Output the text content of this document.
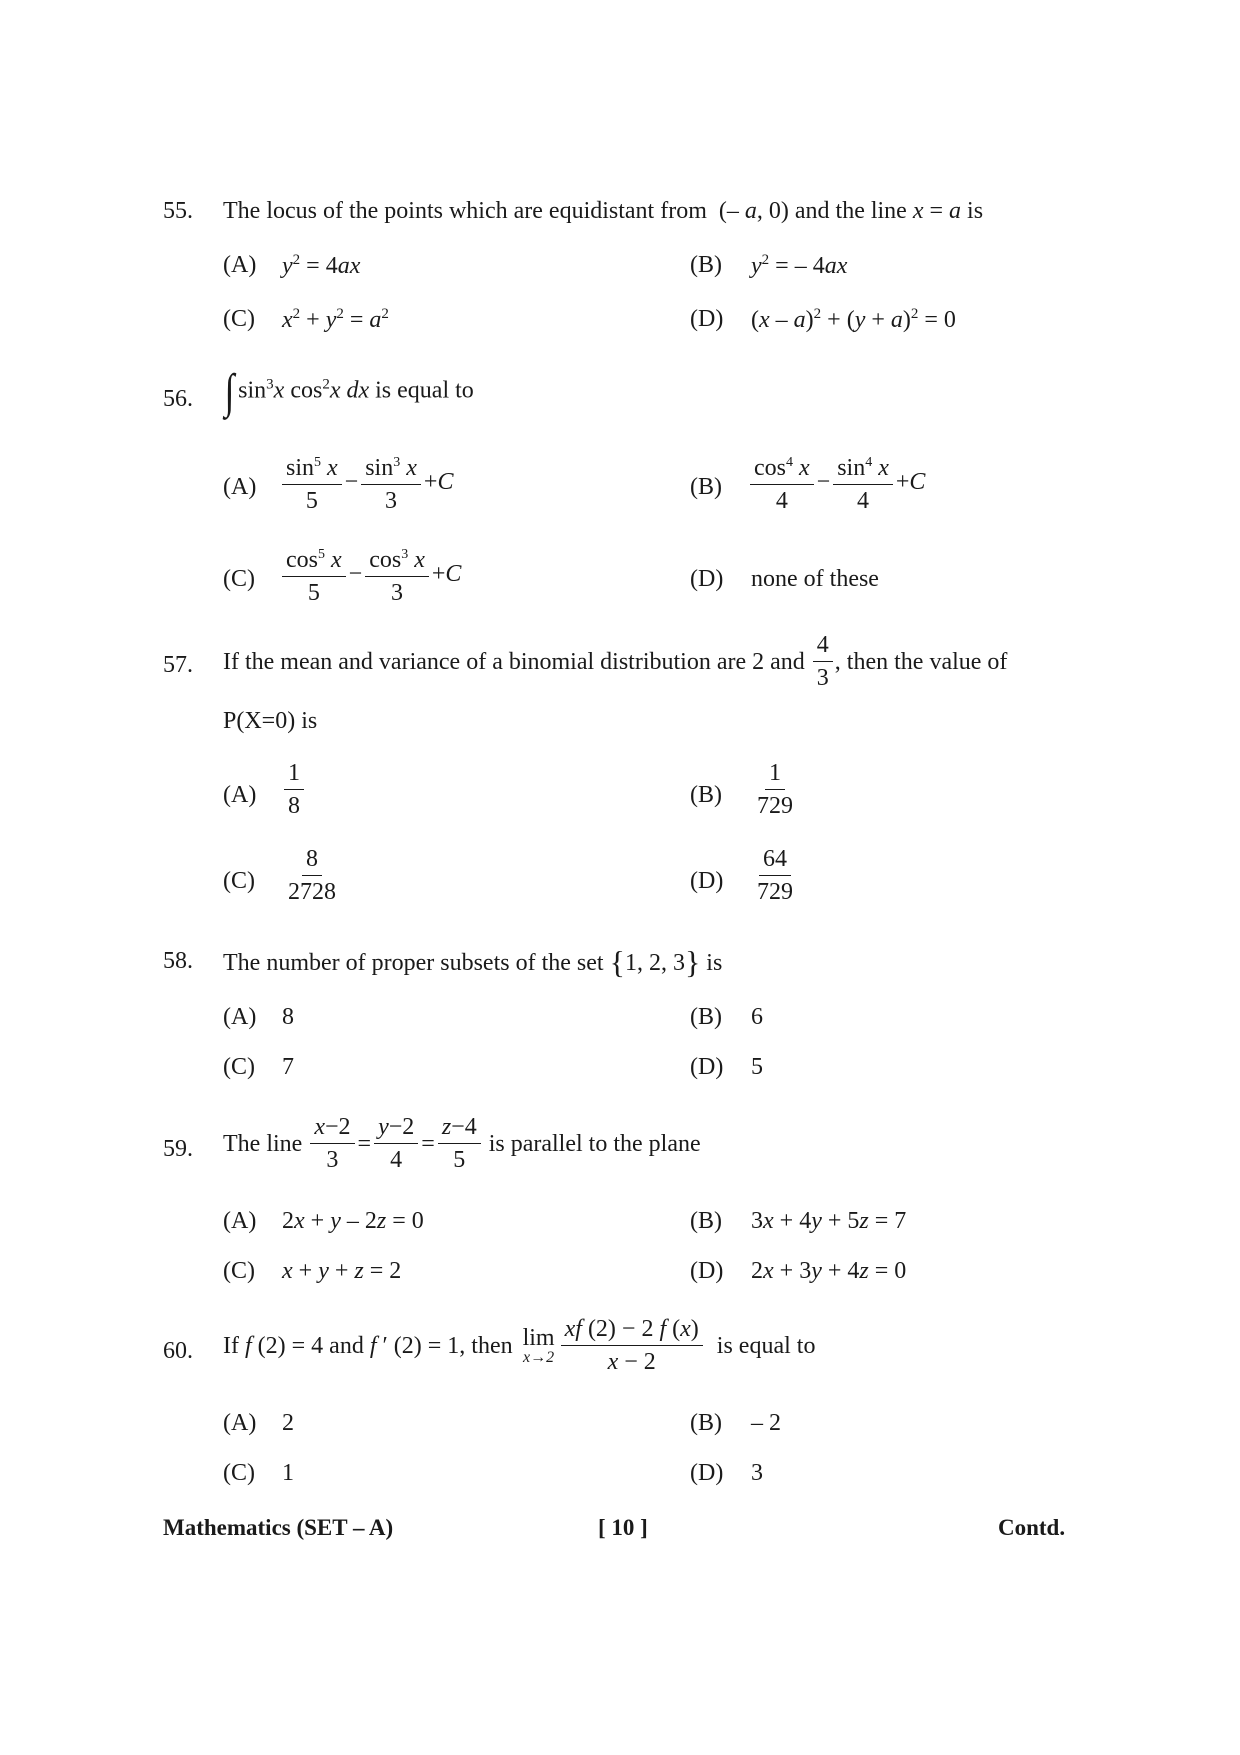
55. The locus of the points which are equidistant from  (– a, 0) and the line x = a is
(A)	$y^2 = 4ax$	(B)	$y^2$ = – 4ax
(C)	$x^2 + y^2 = a^2$	(D)	$(x - a)^2 + (y + a)^2 = 0$
56. ∫ $\sin^3x$ $\cos^2x$ dx is equal to
(A)	$\frac{\sin^5 x}{5} - \frac{\sin^3 x}{3} +C$	(B)	$\frac{\cos^4 x}{4} - \frac{\sin^4 x}{4} +C$
(C)	$\frac{\cos^5 x}{5} - \frac{\cos^3 x}{3} +C$	(D)	none of these
57. If the mean and variance of a binomial distribution are 2 and $\frac{4}{3}$ , then the value of
P(X=0) is
(A)	$\frac{1}{8}$	(B)	$\frac{1}{729}$
(C)	$\frac{8}{2728}$	(D)	$\frac{64}{729}$
58. The number of proper subsets of the set {1, 2, 3} is
(A)	8	(B)	6
(C)	7	(D)	5
59. The line $\frac{x-2}{3} = \frac{y-2}{4} = \frac{z-4}{5}$ is parallel to the plane
(A)	2x + y – 2z = 0	(B)	3x + 4y + 5z = 7
(C)	x + y + z = 2	(D)	2x + 3y + 4z = 0
60. If f (2) = 4 and f ′ (2) = 1, then lim
$x\to 2 \frac{xf (2) - 2 f (x)}{x - 2}$ is equal to
(A)	2	(B)	– 2
(C)	1	(D)	3
Mathematics (SET – A)	[ 10 ]	Contd.
